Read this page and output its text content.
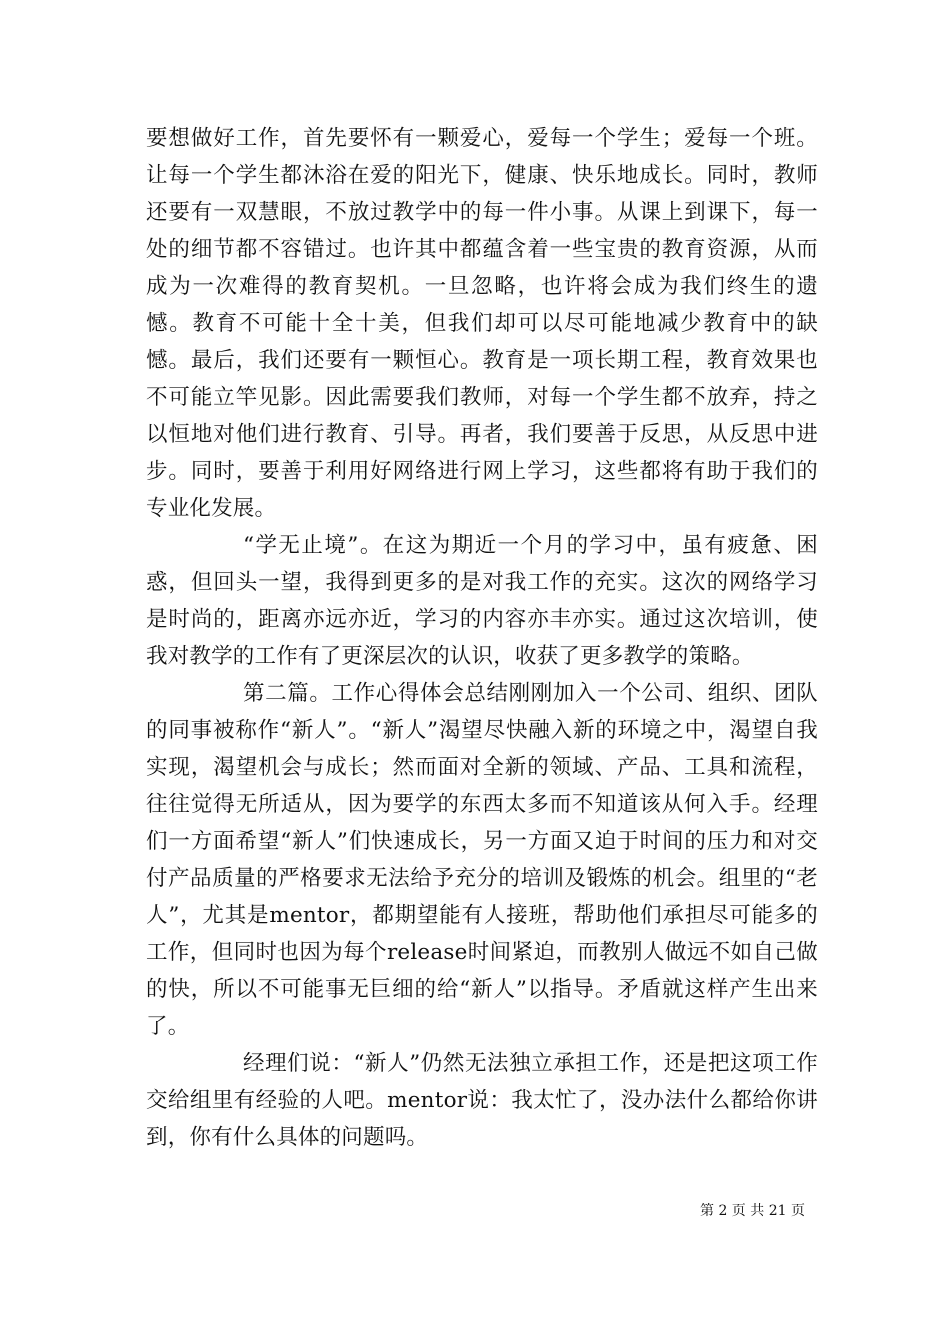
要想做好工作，首先要怀有一颗爱心，爱每一个学生；爱每一个班。让每一个学生都沐浴在爱的阳光下，健康、快乐地成长。同时，教师还要有一双慧眼，不放过教学中的每一件小事。从课上到课下，每一处的细节都不容错过。也许其中都蕴含着一些宝贵的教育资源，从而成为一次难得的教育契机。一旦忽略，也许将会成为我们终生的遗憾。教育不可能十全十美，但我们却可以尽可能地减少教育中的缺憾。最后，我们还要有一颗恒心。教育是一项长期工程，教育效果也不可能立竿见影。因此需要我们教师，对每一个学生都不放弃，持之以恒地对他们进行教育、引导。再者，我们要善于反思，从反思中进步。同时，要善于利用好网络进行网上学习，这些都将有助于我们的专业化发展。

“学无止境”。在这为期近一个月的学习中，虽有疲惫、困惑，但回头一望，我得到更多的是对我工作的充实。这次的网络学习是时尚的，距离亦远亦近，学习的内容亦丰亦实。通过这次培训，使我对教学的工作有了更深层次的认识，收获了更多教学的策略。

第二篇。工作心得体会总结刚刚加入一个公司、组织、团队的同事被称作“新人”。“新人”渴望尽快融入新的环境之中，渴望自我实现，渴望机会与成长；然而面对全新的领域、产品、工具和流程，往往觉得无所适从，因为要学的东西太多而不知道该从何入手。经理们一方面希望“新人”们快速成长，另一方面又迫于时间的压力和对交付产品质量的严格要求无法给予充分的培训及锻炼的机会。组里的“老人”，尤其是mentor，都期望能有人接班，帮助他们承担尽可能多的工作，但同时也因为每个release时间紧迫，而教别人做远不如自己做的快，所以不可能事无巨细的给“新人”以指导。矛盾就这样产生出来了。

经理们说：“新人”仍然无法独立承担工作，还是把这项工作交给组里有经验的人吧。mentor说：我太忙了，没办法什么都给你讲到，你有什么具体的问题吗。

第 2 页 共 21 页
